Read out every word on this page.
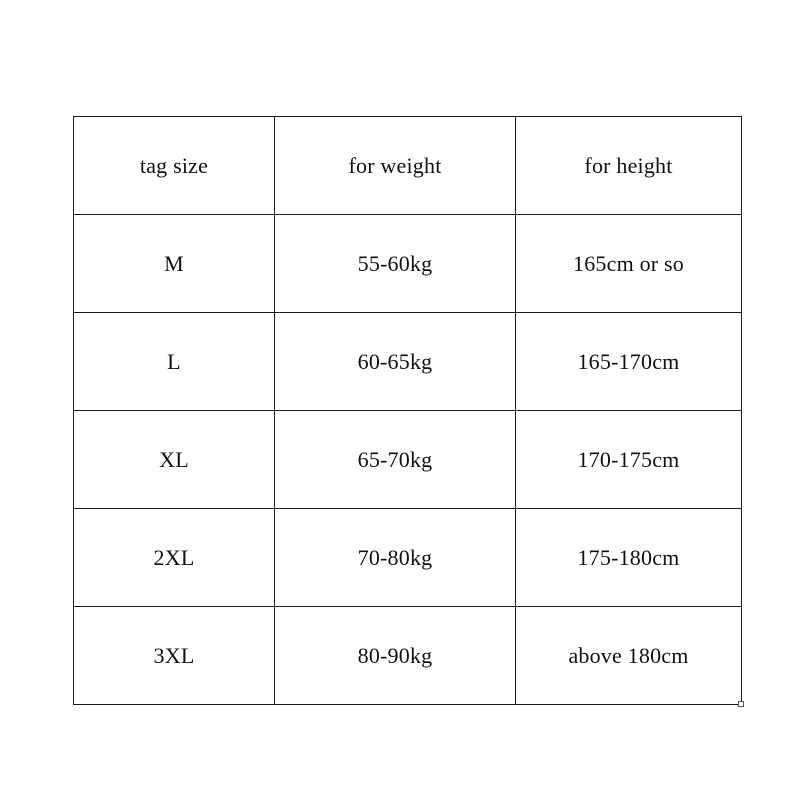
tag size	for weight	for height
M	55-60kg	165cm or so
L	60-65kg	165-170cm
XL	65-70kg	170-175cm
2XL	70-80kg	175-180cm
3XL	80-90kg	above 180cm
